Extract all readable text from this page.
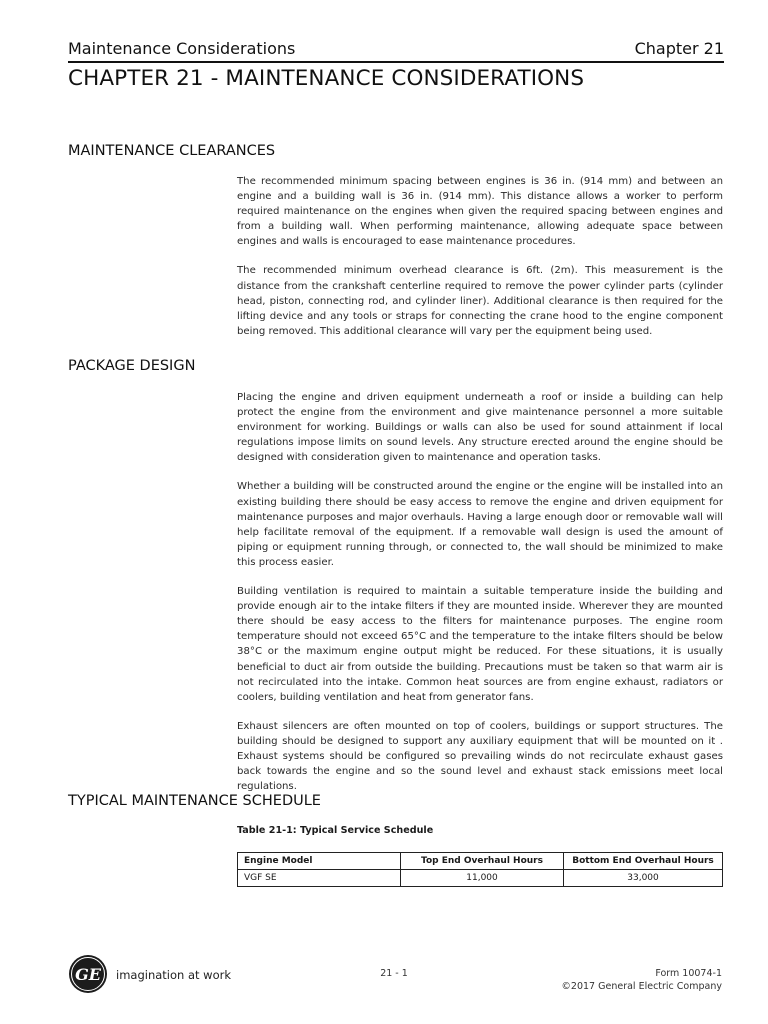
Maintenance Considerations	Chapter 21
CHAPTER 21 - MAINTENANCE CONSIDERATIONS
MAINTENANCE CLEARANCES

The recommended minimum spacing between engines is 36 in. (914 mm) and between an engine and a building wall is 36 in. (914 mm). This distance allows a worker to perform required maintenance on the engines when given the required spacing between engines and from a building wall. When performing maintenance, allowing adequate space between engines and walls is encouraged to ease maintenance procedures.

The recommended minimum overhead clearance is 6ft. (2m). This measurement is the distance from the crankshaft centerline required to remove the power cylinder parts (cylinder head, piston, connecting rod, and cylinder liner). Additional clearance is then required for the lifting device and any tools or straps for connecting the crane hood to the engine component being removed. This additional clearance will vary per the equipment being used.

PACKAGE DESIGN

Placing the engine and driven equipment underneath a roof or inside a building can help protect the engine from the environment and give maintenance personnel a more suitable environment for working. Buildings or walls can also be used for sound attainment if local regulations impose limits on sound levels. Any structure erected around the engine should be designed with consideration given to maintenance and operation tasks.

Whether a building will be constructed around the engine or the engine will be installed into an existing building there should be easy access to remove the engine and driven equipment for maintenance purposes and major overhauls. Having a large enough door or removable wall will help facilitate removal of the equipment. If a removable wall design is used the amount of piping or equipment running through, or connected to, the wall should be minimized to make this process easier.

Building ventilation is required to maintain a suitable temperature inside the building and provide enough air to the intake filters if they are mounted inside. Wherever they are mounted there should be easy access to the filters for maintenance purposes. The engine room temperature should not exceed 65°C and the temperature to the intake filters should be below 38°C or the maximum engine output might be reduced. For these situations, it is usually beneficial to duct air from outside the building. Precautions must be taken so that warm air is not recirculated into the intake. Common heat sources are from engine exhaust, radiators or coolers, building ventilation and heat from generator fans.

Exhaust silencers are often mounted on top of coolers, buildings or support structures. The building should be designed to support any auxiliary equipment that will be mounted on it . Exhaust systems should be configured so prevailing winds do not recirculate exhaust gases back towards the engine and so the sound level and exhaust stack emissions meet local regulations.

TYPICAL MAINTENANCE SCHEDULE
Table 21-1: Typical Service Schedule
Engine Model	Top End Overhaul Hours	Bottom End Overhaul Hours
VGF SE	11,000	33,000
GE imagination at work	21 - 1	Form 10074-1
©2017 General Electric Company
